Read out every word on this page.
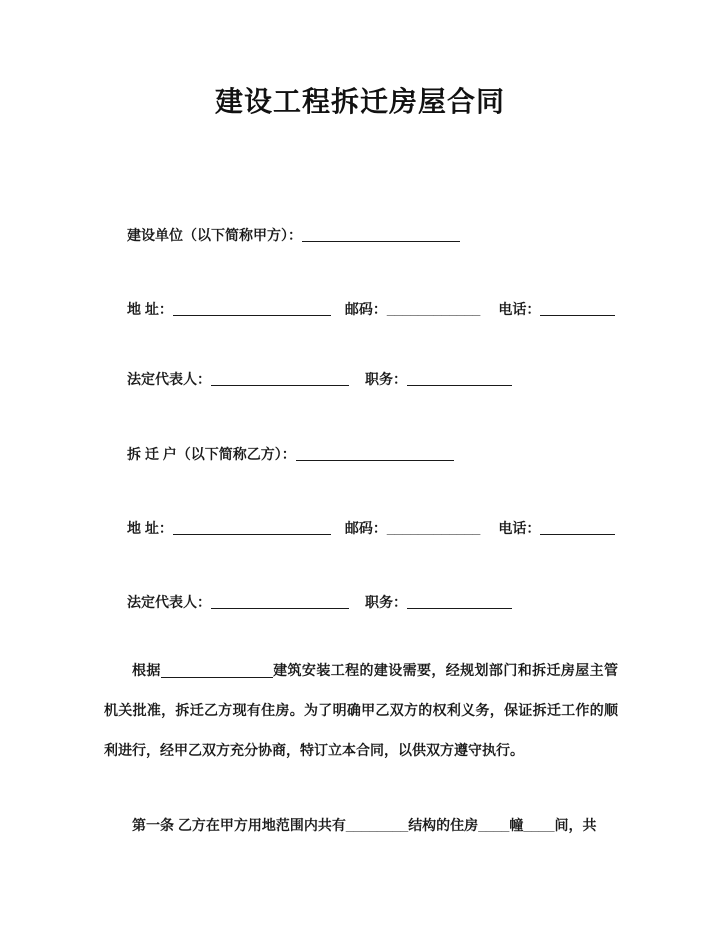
建设工程拆迁房屋合同
建设单位（以下简称甲方）：
地 址：	邮码：____________ 电话：
法定代表人：	职务：
拆 迁 户（以下简称乙方）：
地 址：	邮码：____________ 电话：
法定代表人：	职务：
根据	建筑安装工程的建设需要，经规划部门和拆迁房屋主管机关批准，拆迁乙方现有住房。为了明确甲乙双方的权利义务，保证拆迁工作的顺利进行，经甲乙双方充分协商，特订立本合同，以供双方遵守执行。
第一条 乙方在甲方用地范围内共有________结构的住房____幢____间，共
